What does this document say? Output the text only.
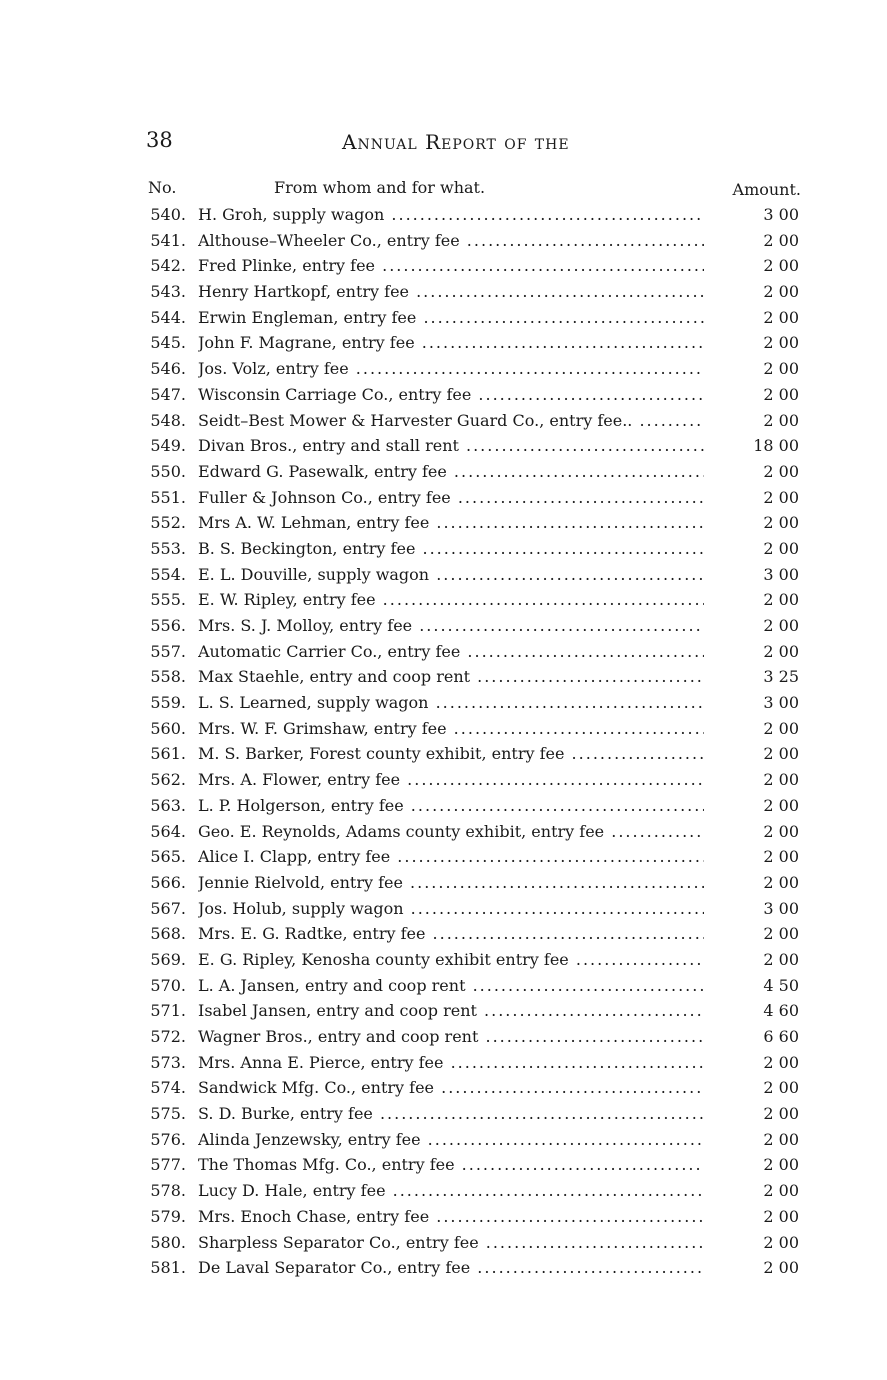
38	Annual Report of the
No.	From whom and for what.	Amount.
540. H. Groh, supply wagon .....	3 00
541. Althouse–Wheeler Co., entry fee .....	2 00
542. Fred Plinke, entry fee .....	2 00
543. Henry Hartkopf, entry fee .....	2 00
544. Erwin Engleman, entry fee .....	2 00
545. John F. Magrane, entry fee .....	2 00
546. Jos. Volz, entry fee .....	2 00
547. Wisconsin Carriage Co., entry fee .....	2 00
548. Seidt–Best Mower & Harvester Guard Co., entry fee.. .....	2 00
549. Divan Bros., entry and stall rent .....	18 00
550. Edward G. Pasewalk, entry fee .....	2 00
551. Fuller & Johnson Co., entry fee .....	2 00
552. Mrs A. W. Lehman, entry fee .....	2 00
553. B. S. Beckington, entry fee .....	2 00
554. E. L. Douville, supply wagon .....	3 00
555. E. W. Ripley, entry fee .....	2 00
556. Mrs. S. J. Molloy, entry fee .....	2 00
557. Automatic Carrier Co., entry fee .....	2 00
558. Max Staehle, entry and coop rent .....	3 25
559. L. S. Learned, supply wagon .....	3 00
560. Mrs. W. F. Grimshaw, entry fee .....	2 00
561. M. S. Barker, Forest county exhibit, entry fee .....	2 00
562. Mrs. A. Flower, entry fee .....	2 00
563. L. P. Holgerson, entry fee .....	2 00
564. Geo. E. Reynolds, Adams county exhibit, entry fee .....	2 00
565. Alice I. Clapp, entry fee .....	2 00
566. Jennie Rielvold, entry fee .....	2 00
567. Jos. Holub, supply wagon .....	3 00
568. Mrs. E. G. Radtke, entry fee .....	2 00
569. E. G. Ripley, Kenosha county exhibit entry fee .....	2 00
570. L. A. Jansen, entry and coop rent .....	4 50
571. Isabel Jansen, entry and coop rent .....	4 60
572. Wagner Bros., entry and coop rent .....	6 60
573. Mrs. Anna E. Pierce, entry fee .....	2 00
574. Sandwick Mfg. Co., entry fee .....	2 00
575. S. D. Burke, entry fee .....	2 00
576. Alinda Jenzewsky, entry fee .....	2 00
577. The Thomas Mfg. Co., entry fee .....	2 00
578. Lucy D. Hale, entry fee .....	2 00
579. Mrs. Enoch Chase, entry fee .....	2 00
580. Sharpless Separator Co., entry fee .....	2 00
581. De Laval Separator Co., entry fee .....	2 00
